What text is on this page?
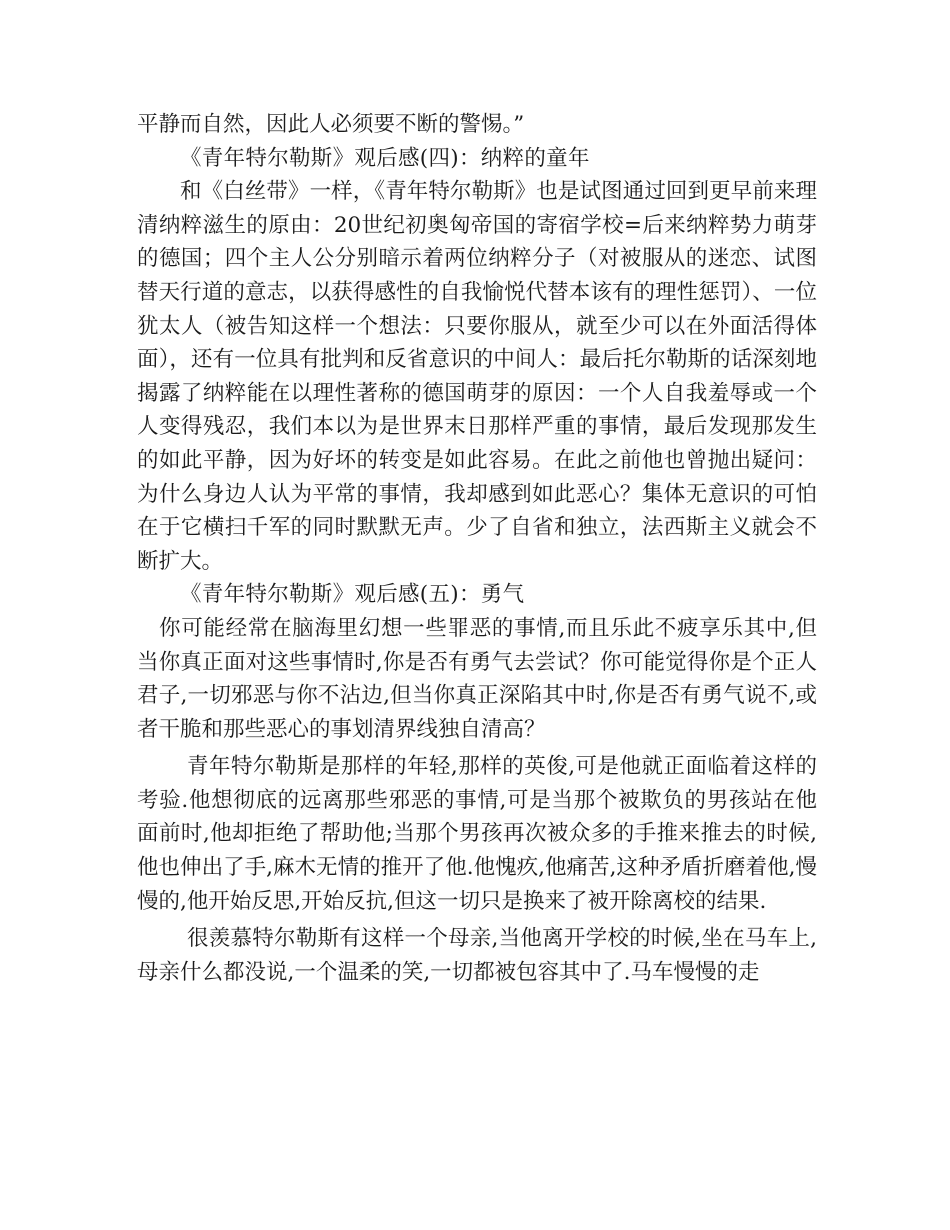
平静而自然，因此人必须要不断的警惕。”

《青年特尔勒斯》观后感(四)：纳粹的童年

和《白丝带》一样，《青年特尔勒斯》也是试图通过回到更早前来理清纳粹滋生的原由：20世纪初奥匈帝国的寄宿学校=后来纳粹势力萌芽的德国；四个主人公分别暗示着两位纳粹分子（对被服从的迷恋、试图替天行道的意志，以获得感性的自我愉悦代替本该有的理性惩罚）、一位犹太人（被告知这样一个想法：只要你服从，就至少可以在外面活得体面），还有一位具有批判和反省意识的中间人：最后托尔勒斯的话深刻地揭露了纳粹能在以理性著称的德国萌芽的原因：一个人自我羞辱或一个人变得残忍，我们本以为是世界末日那样严重的事情，最后发现那发生的如此平静，因为好坏的转变是如此容易。在此之前他也曾抛出疑问：为什么身边人认为平常的事情，我却感到如此恶心？集体无意识的可怕在于它横扫千军的同时默默无声。少了自省和独立，法西斯主义就会不断扩大。

《青年特尔勒斯》观后感(五)：勇气

你可能经常在脑海里幻想一些罪恶的事情,而且乐此不疲享乐其中,但当你真正面对这些事情时,你是否有勇气去尝试？你可能觉得你是个正人君子,一切邪恶与你不沾边,但当你真正深陷其中时,你是否有勇气说不,或者干脆和那些恶心的事划清界线独自清高？

青年特尔勒斯是那样的年轻,那样的英俊,可是他就正面临着这样的考验.他想彻底的远离那些邪恶的事情,可是当那个被欺负的男孩站在他面前时,他却拒绝了帮助他;当那个男孩再次被众多的手推来推去的时候,他也伸出了手,麻木无情的推开了他.他愧疚,他痛苦,这种矛盾折磨着他,慢慢的,他开始反思,开始反抗,但这一切只是换来了被开除离校的结果.

很羡慕特尔勒斯有这样一个母亲,当他离开学校的时候,坐在马车上,母亲什么都没说,一个温柔的笑,一切都被包容其中了.马车慢慢的走
